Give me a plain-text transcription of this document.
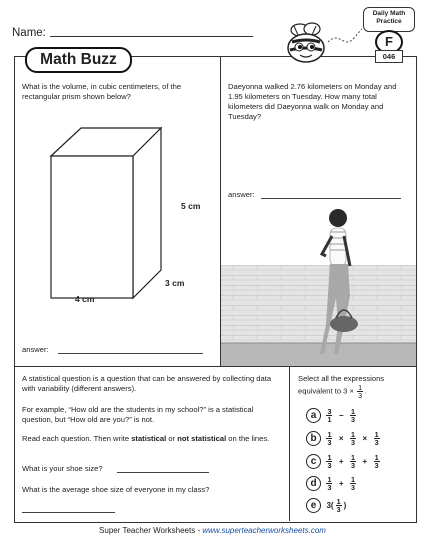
Name:
Math Buzz
Daily Math
Practice
F
046
What is the volume, in cubic centimeters, of the rectangular prism shown below?
5 cm
3 cm
4 cm
answer:
Daeyonna walked 2.76 kilometers on Monday and 1.95 kilometers on Tuesday. How many total kilometers did Daeyonna walk on Monday and Tuesday?
answer:
A statistical question is a question that can be answered by collecting data with variability (different answers).
For example, “How old are the students in my school?” is a statistical question, but “How old are you?” is not.
Read each question. Then write statistical or not statistical on the lines.
What is your shoe size?
What is the average shoe size of everyone in my class?
Select all the expressions equivalent to $3 \times \frac{1}{3}$ .
a $\frac{3}{1} - \frac{1}{3}$
b $\frac{1}{3} \times \frac{1}{3} \times \frac{1}{3}$
c $\frac{1}{3} + \frac{1}{3} + \frac{1}{3}$
d $\frac{1}{3} + \frac{1}{3}$
e $3( \frac{1}{3}$ )
Super Teacher Worksheets - www.superteacherworksheets.com
